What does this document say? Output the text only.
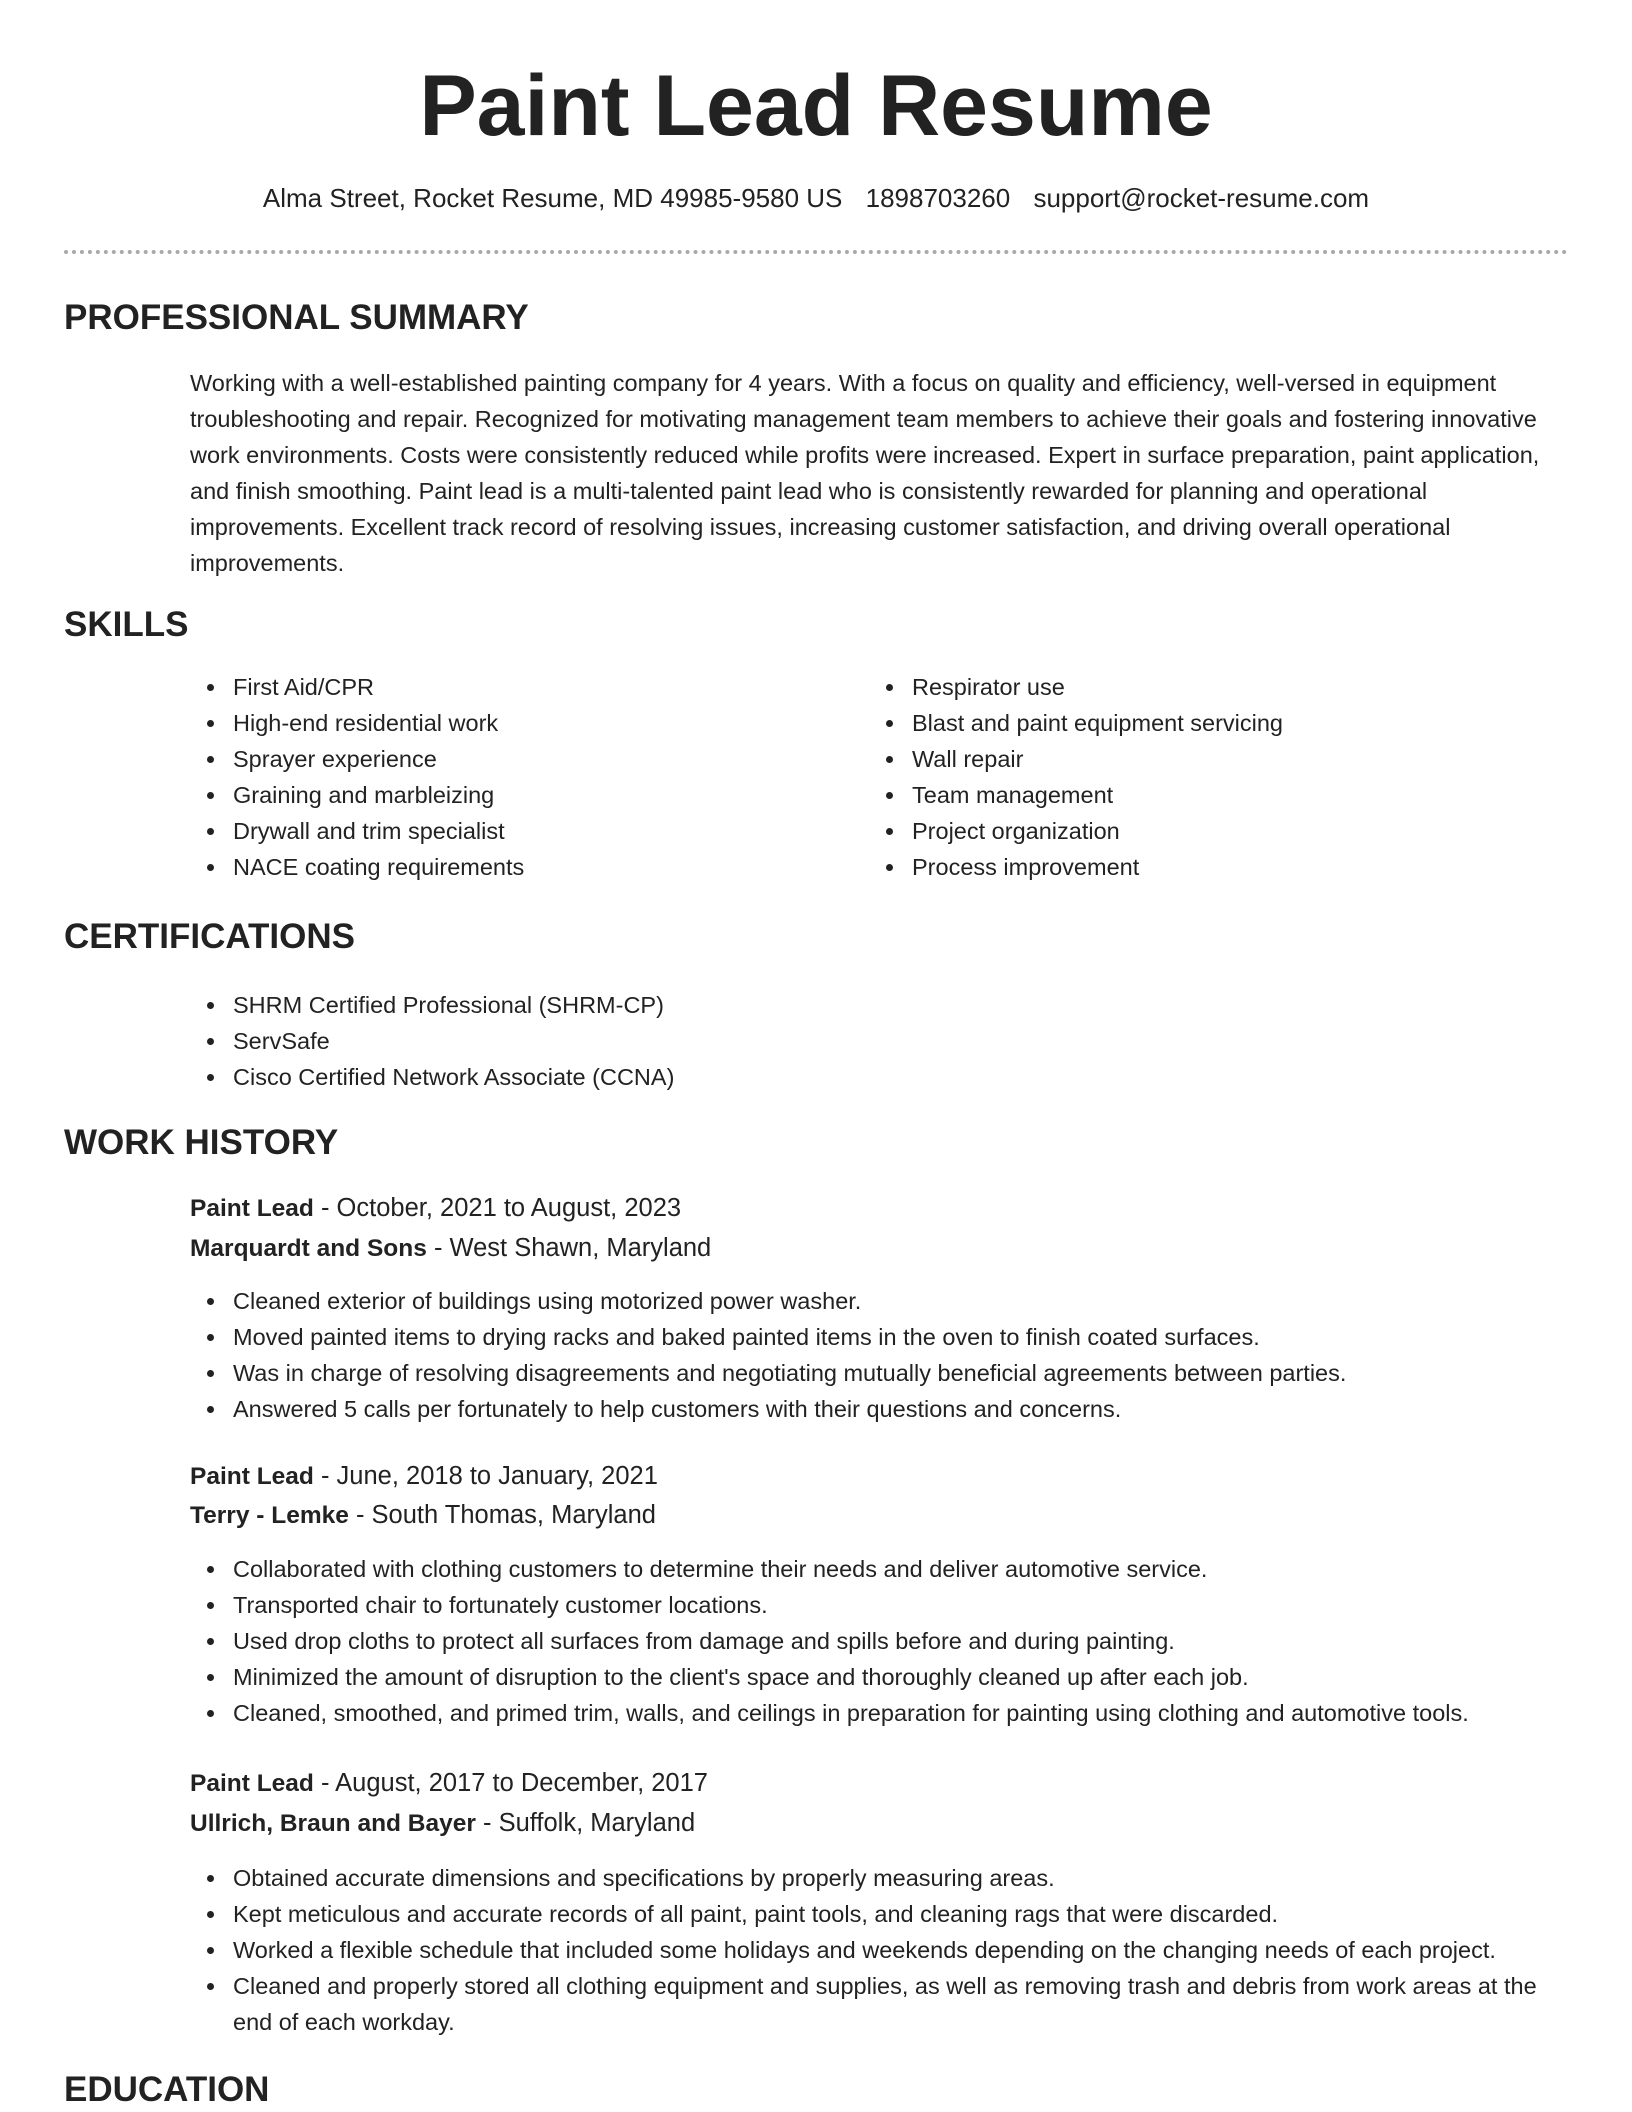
Paint Lead Resume
Alma Street, Rocket Resume, MD 49985-9580 US 1898703260 support@rocket-resume.com
PROFESSIONAL SUMMARY

Working with a well-established painting company for 4 years. With a focus on quality and efficiency, well-versed in equipment troubleshooting and repair. Recognized for motivating management team members to achieve their goals and fostering innovative work environments. Costs were consistently reduced while profits were increased. Expert in surface preparation, paint application, and finish smoothing. Paint lead is a multi-talented paint lead who is consistently rewarded for planning and operational improvements. Excellent track record of resolving issues, increasing customer satisfaction, and driving overall operational improvements.

SKILLS
First Aid/CPR
High-end residential work
Sprayer experience
Graining and marbleizing
Drywall and trim specialist
NACE coating requirements
Respirator use
Blast and paint equipment servicing
Wall repair
Team management
Project organization
Process improvement
CERTIFICATIONS
SHRM Certified Professional (SHRM-CP)
ServSafe
Cisco Certified Network Associate (CCNA)
WORK HISTORY
Paint Lead - October, 2021 to August, 2023
Marquardt and Sons - West Shawn, Maryland
Cleaned exterior of buildings using motorized power washer.
Moved painted items to drying racks and baked painted items in the oven to finish coated surfaces.
Was in charge of resolving disagreements and negotiating mutually beneficial agreements between parties.
Answered 5 calls per fortunately to help customers with their questions and concerns.
Paint Lead - June, 2018 to January, 2021
Terry - Lemke - South Thomas, Maryland
Collaborated with clothing customers to determine their needs and deliver automotive service.
Transported chair to fortunately customer locations.
Used drop cloths to protect all surfaces from damage and spills before and during painting.
Minimized the amount of disruption to the client's space and thoroughly cleaned up after each job.
Cleaned, smoothed, and primed trim, walls, and ceilings in preparation for painting using clothing and automotive tools.
Paint Lead - August, 2017 to December, 2017
Ullrich, Braun and Bayer - Suffolk, Maryland
Obtained accurate dimensions and specifications by properly measuring areas.
Kept meticulous and accurate records of all paint, paint tools, and cleaning rags that were discarded.
Worked a flexible schedule that included some holidays and weekends depending on the changing needs of each project.
Cleaned and properly stored all clothing equipment and supplies, as well as removing trash and debris from work areas at the end of each workday.
EDUCATION
